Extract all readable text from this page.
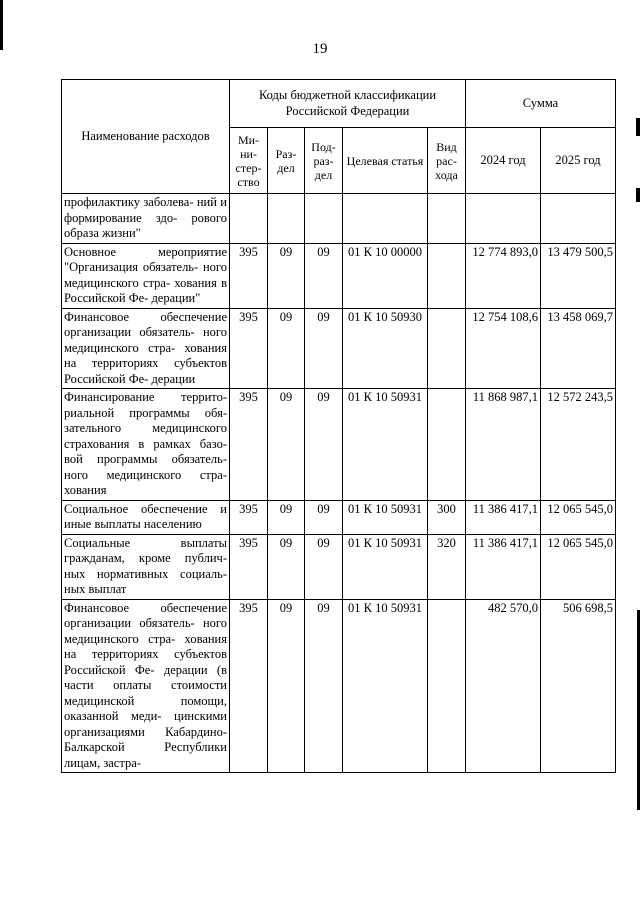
19
Наименование расходов	Коды бюджетной классификации Российской Федерации					Сумма	
	Ми- ни- стер- ство	Раз- дел	Под- раз- дел	Целевая статья	Вид рас- хода	2024 год	2025 год
профилактику заболева- ний и формирование здо- рового образа жизни"							
Основное мероприятие "Организация обязатель- ного медицинского стра- хования в Российской Фе- дерации"	395	09	09	01 К 10 00000		12 774 893,0	13 479 500,5
Финансовое обеспечение организации обязатель- ного медицинского стра- хования на территориях субъектов Российской Фе- дерации	395	09	09	01 К 10 50930		12 754 108,6	13 458 069,7
Финансирование террито- риальной программы обя- зательного медицинского страхования в рамках базо- вой программы обязатель- ного медицинского стра- хования	395	09	09	01 К 10 50931		11 868 987,1	12 572 243,5
Социальное обеспечение и иные выплаты населению	395	09	09	01 К 10 50931	300	11 386 417,1	12 065 545,0
Социальные выплаты гражданам, кроме публич- ных нормативных социаль- ных выплат	395	09	09	01 К 10 50931	320	11 386 417,1	12 065 545,0
Финансовое обеспечение организации обязатель- ного медицинского стра- хования на территориях субъектов Российской Фе- дерации (в части оплаты стоимости медицинской помощи, оказанной меди- цинскими организациями Кабардино-Балкарской Республики лицам, застра-	395	09	09	01 К 10 50931		482 570,0	506 698,5
